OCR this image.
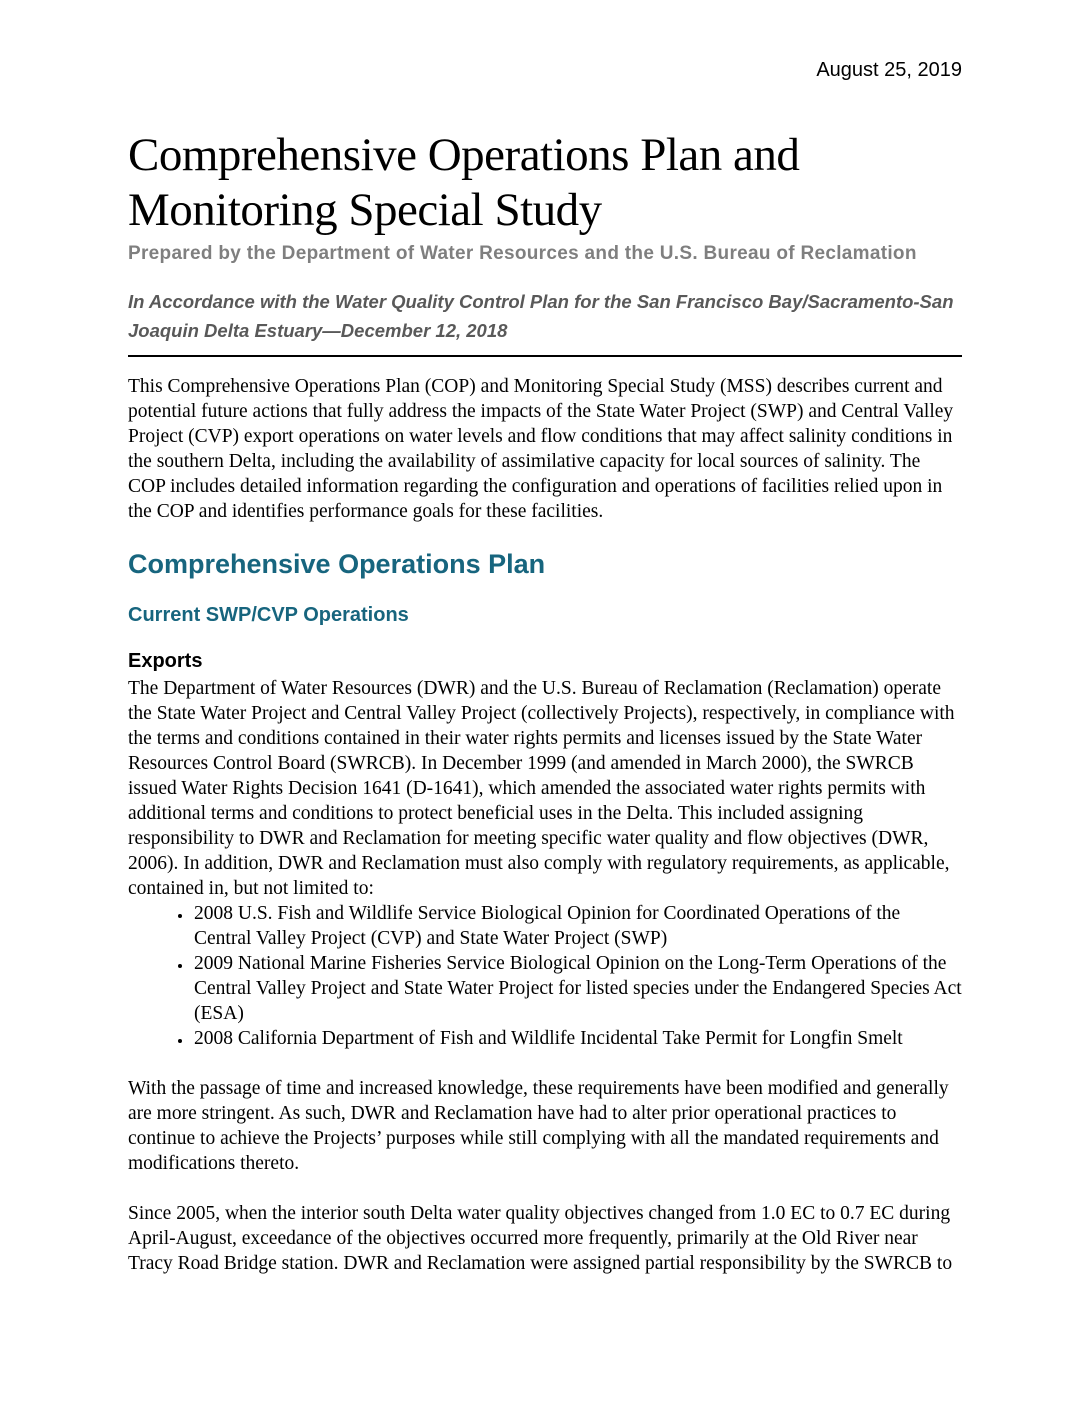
August 25, 2019
Comprehensive Operations Plan and Monitoring Special Study

Prepared by the Department of Water Resources and the U.S. Bureau of Reclamation

In Accordance with the Water Quality Control Plan for the San Francisco Bay/Sacramento-San Joaquin Delta Estuary—December 12, 2018

This Comprehensive Operations Plan (COP) and Monitoring Special Study (MSS) describes current and potential future actions that fully address the impacts of the State Water Project (SWP) and Central Valley Project (CVP) export operations on water levels and flow conditions that may affect salinity conditions in the southern Delta, including the availability of assimilative capacity for local sources of salinity. The COP includes detailed information regarding the configuration and operations of facilities relied upon in the COP and identifies performance goals for these facilities.

Comprehensive Operations Plan
Current SWP/CVP Operations
Exports

The Department of Water Resources (DWR) and the U.S. Bureau of Reclamation (Reclamation) operate the State Water Project and Central Valley Project (collectively Projects), respectively, in compliance with the terms and conditions contained in their water rights permits and licenses issued by the State Water Resources Control Board (SWRCB). In December 1999 (and amended in March 2000), the SWRCB issued Water Rights Decision 1641 (D-1641), which amended the associated water rights permits with additional terms and conditions to protect beneficial uses in the Delta. This included assigning responsibility to DWR and Reclamation for meeting specific water quality and flow objectives (DWR, 2006). In addition, DWR and Reclamation must also comply with regulatory requirements, as applicable, contained in, but not limited to:

• 2008 U.S. Fish and Wildlife Service Biological Opinion for Coordinated Operations of the Central Valley Project (CVP) and State Water Project (SWP)
• 2009 National Marine Fisheries Service Biological Opinion on the Long-Term Operations of the Central Valley Project and State Water Project for listed species under the Endangered Species Act (ESA)
• 2008 California Department of Fish and Wildlife Incidental Take Permit for Longfin Smelt

With the passage of time and increased knowledge, these requirements have been modified and generally are more stringent. As such, DWR and Reclamation have had to alter prior operational practices to continue to achieve the Projects’ purposes while still complying with all the mandated requirements and modifications thereto.

Since 2005, when the interior south Delta water quality objectives changed from 1.0 EC to 0.7 EC during April-August, exceedance of the objectives occurred more frequently, primarily at the Old River near Tracy Road Bridge station. DWR and Reclamation were assigned partial responsibility by the SWRCB to
